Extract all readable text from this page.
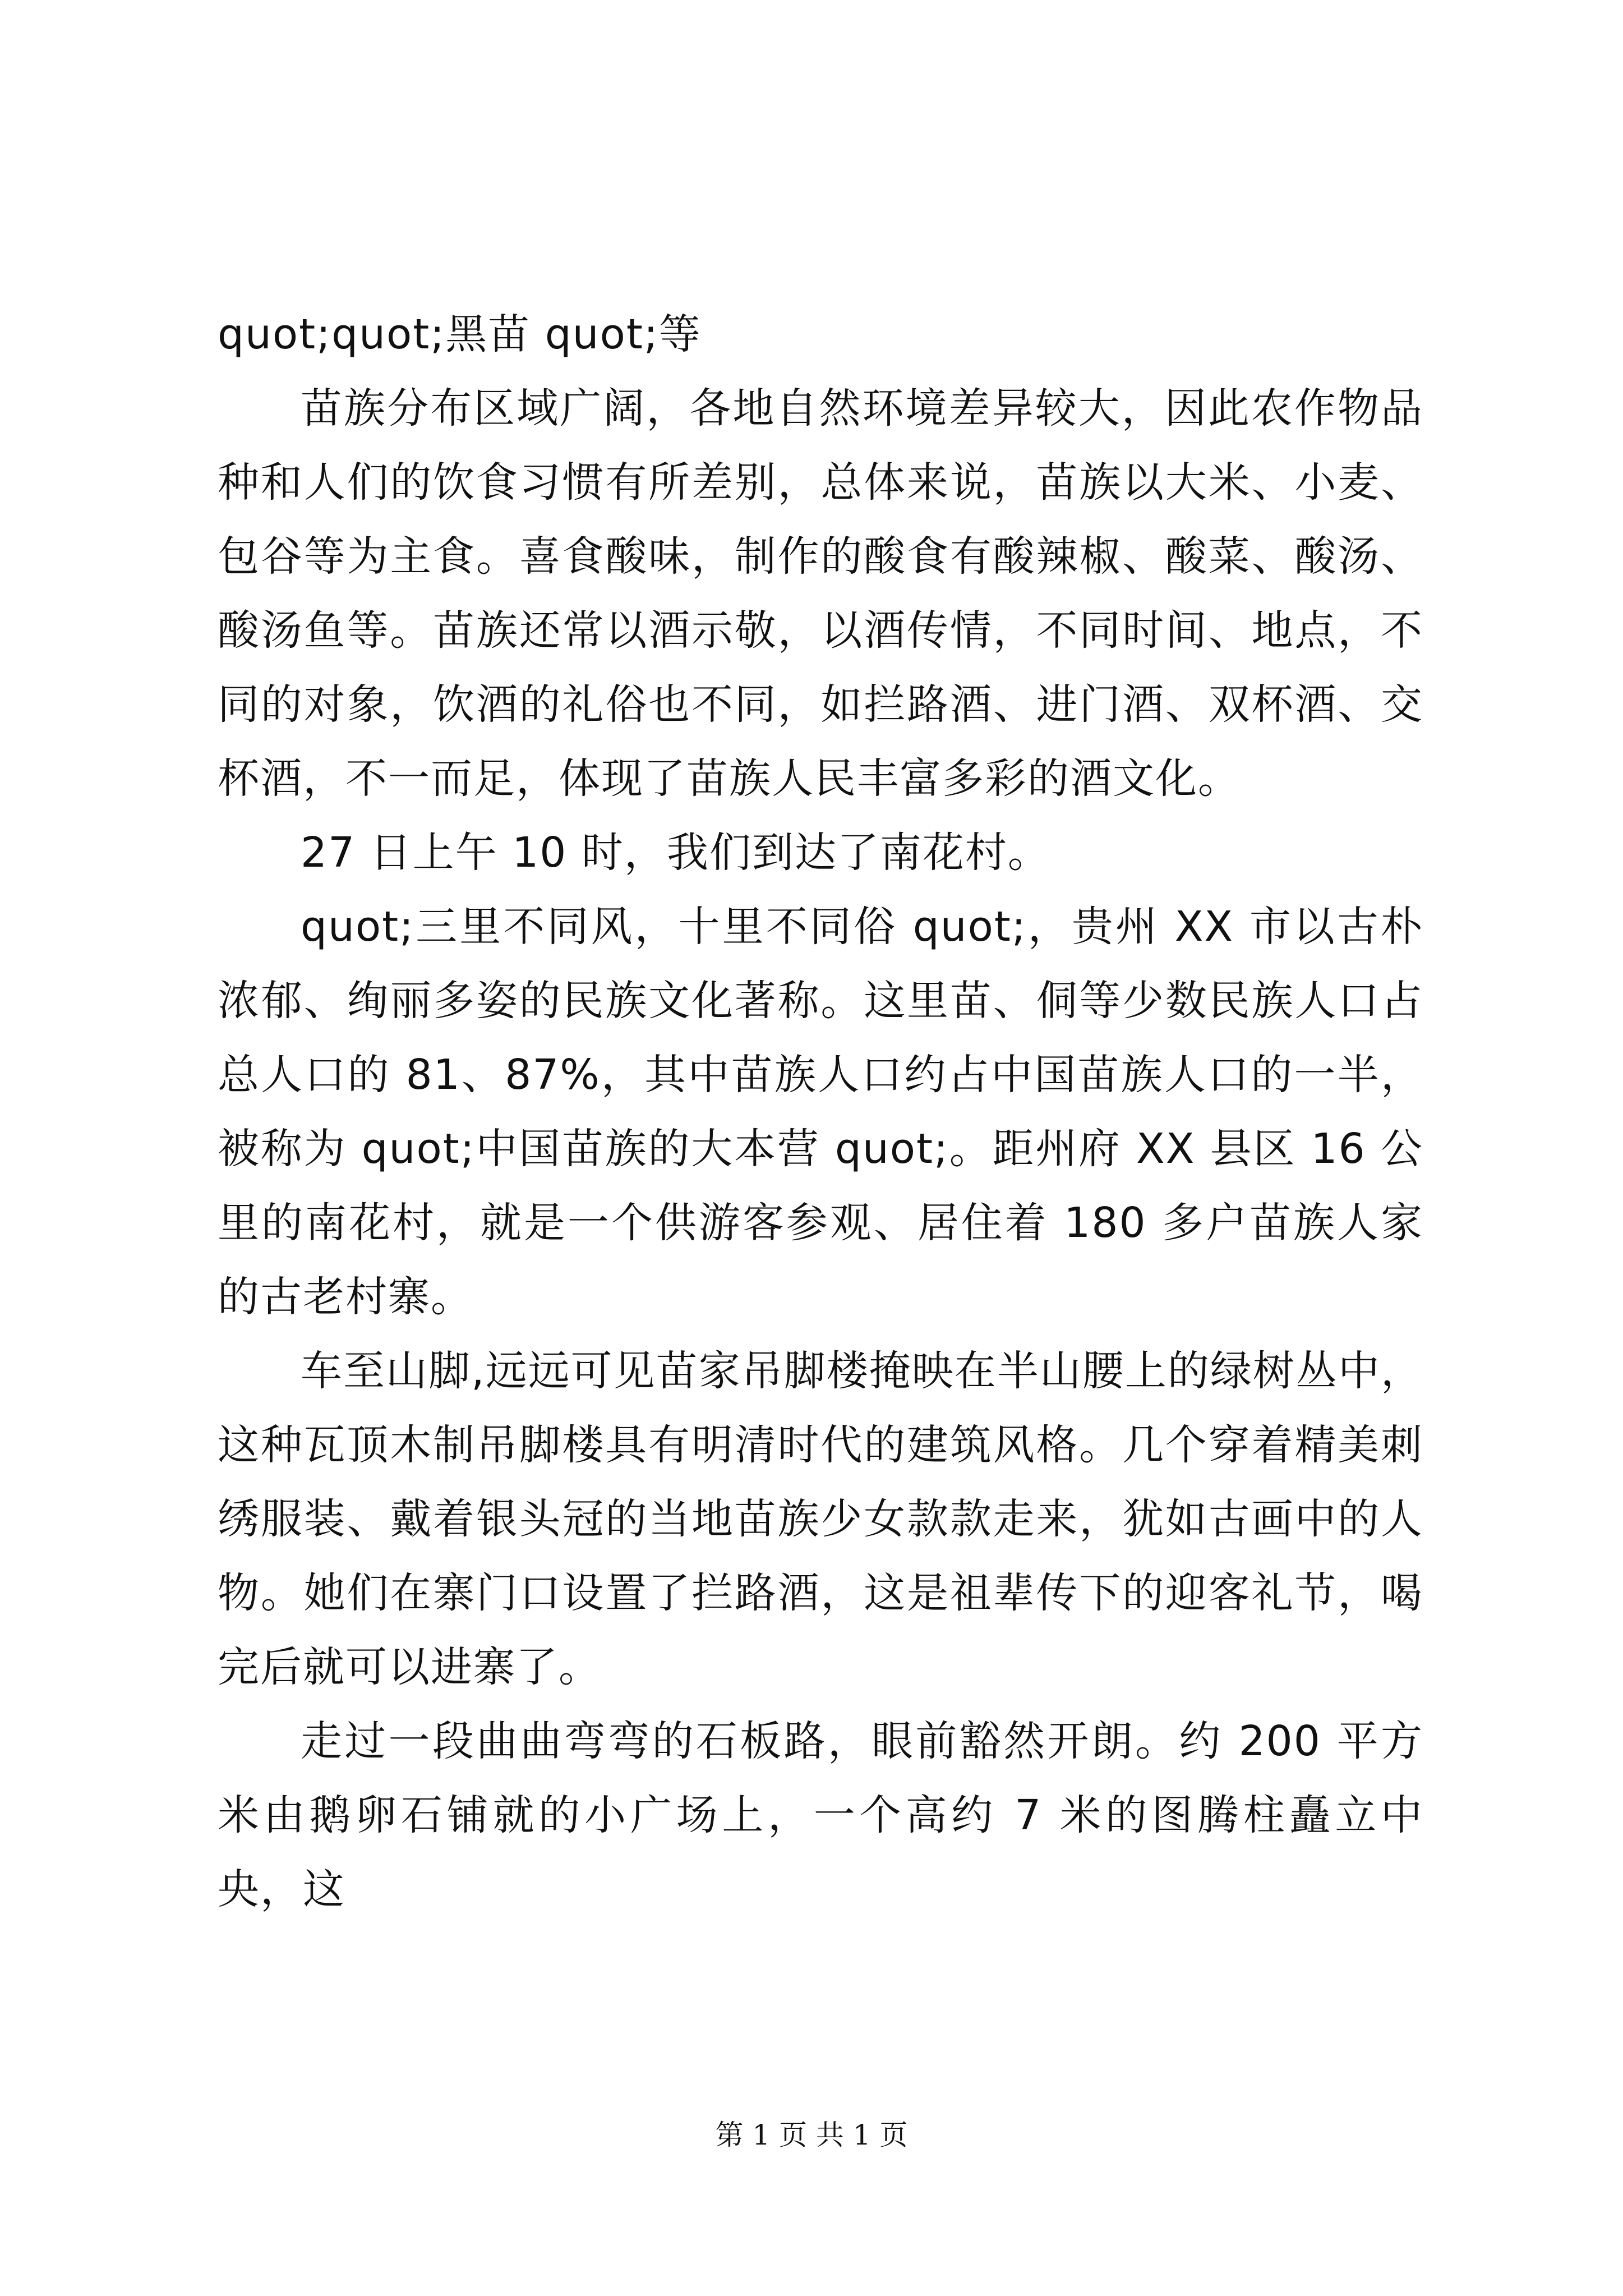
quot;quot;黑苗 quot;等

苗族分布区域广阔，各地自然环境差异较大，因此农作物品种和人们的饮食习惯有所差别，总体来说，苗族以大米、小麦、包谷等为主食。喜食酸味，制作的酸食有酸辣椒、酸菜、酸汤、酸汤鱼等。苗族还常以酒示敬，以酒传情，不同时间、地点，不同的对象，饮酒的礼俗也不同，如拦路酒、进门酒、双杯酒、交杯酒，不一而足，体现了苗族人民丰富多彩的酒文化。

27 日上午 10 时，我们到达了南花村。

quot;三里不同风，十里不同俗 quot;，贵州 XX 市以古朴浓郁、绚丽多姿的民族文化著称。这里苗、侗等少数民族人口占总人口的 81、87%，其中苗族人口约占中国苗族人口的一半，被称为 quot;中国苗族的大本营 quot;。距州府 XX 县区 16 公里的南花村，就是一个供游客参观、居住着 180 多户苗族人家的古老村寨。

车至山脚,远远可见苗家吊脚楼掩映在半山腰上的绿树丛中，这种瓦顶木制吊脚楼具有明清时代的建筑风格。几个穿着精美刺绣服装、戴着银头冠的当地苗族少女款款走来，犹如古画中的人物。她们在寨门口设置了拦路酒，这是祖辈传下的迎客礼节，喝完后就可以进寨了。

走过一段曲曲弯弯的石板路，眼前豁然开朗。约 200 平方米由鹅卵石铺就的小广场上，一个高约 7 米的图腾柱矗立中央，这

第 1 页 共 1 页
